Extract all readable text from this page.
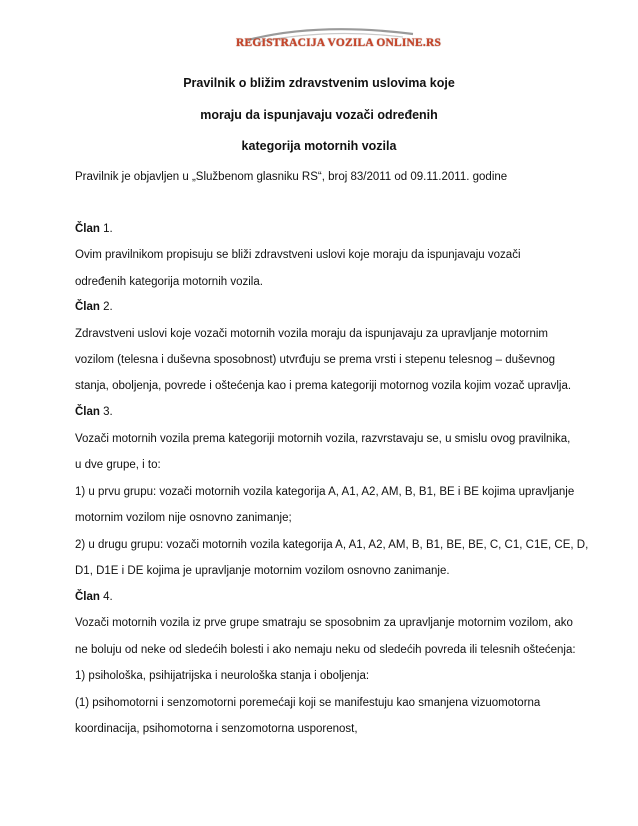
REGISTRACIJA VOZILA ONLINE.RS
Pravilnik o bližim zdravstvenim uslovima koje
moraju da ispunjavaju vozači određenih
kategorija motornih vozila
Pravilnik je objavljen u „Službenom glasniku RS“, broj 83/2011 od 09.11.2011. godine
Član 1.
Ovim pravilnikom propisuju se bliži zdravstveni uslovi koje moraju da ispunjavaju vozači
određenih kategorija motornih vozila.
Član 2.
Zdravstveni uslovi koje vozači motornih vozila moraju da ispunjavaju za upravljanje motornim
vozilom (telesna i duševna sposobnost) utvrđuju se prema vrsti i stepenu telesnog – duševnog
stanja, oboljenja, povrede i oštećenja kao i prema kategoriji motornog vozila kojim vozač upravlja.
Član 3.
Vozači motornih vozila prema kategoriji motornih vozila, razvrstavaju se, u smislu ovog pravilnika,
u dve grupe, i to:
1) u prvu grupu: vozači motornih vozila kategorija A, A1, A2, AM, B, B1, BE i BE kojima upravljanje
motornim vozilom nije osnovno zanimanje;
2) u drugu grupu: vozači motornih vozila kategorija A, A1, A2, AM, B, B1, BE, BE, C, C1, C1E, CE, D,
D1, D1E i DE kojima je upravljanje motornim vozilom osnovno zanimanje.
Član 4.
Vozači motornih vozila iz prve grupe smatraju se sposobnim za upravljanje motornim vozilom, ako
ne boluju od neke od sledećih bolesti i ako nemaju neku od sledećih povreda ili telesnih oštećenja:
1) psihološka, psihijatrijska i neurološka stanja i obоljenja:
(1) psihomotorni i senzomotorni poremećaji koji se manifestuju kao smanjena vizuomotorna
koordinacija, psihomotorna i senzomotorna usporenost,
